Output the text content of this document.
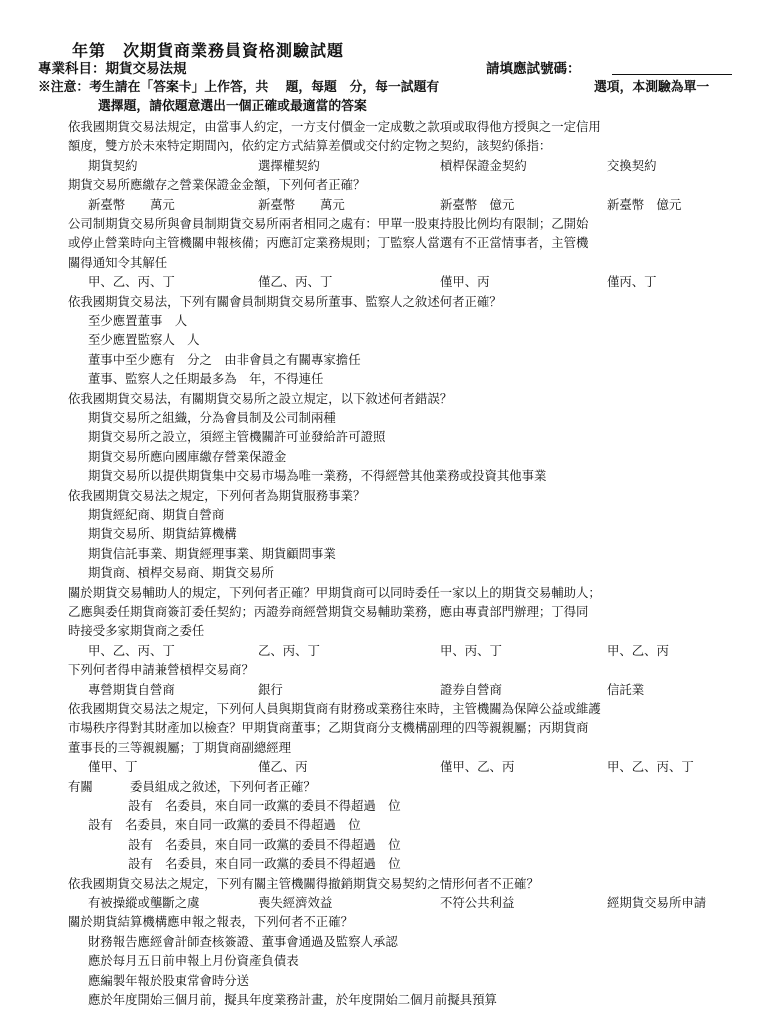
年第　次期貨商業務員資格測驗試題
專業科目：期貨交易法規	請填應試號碼：
※注意：考生請在「答案卡」上作答，共　 題，每題　分，每一試題有	選項，本測驗為單一
選擇題，請依題意選出一個正確或最適當的答案
依我國期貨交易法規定，由當事人約定，一方支付價金一定成數之款項或取得他方授與之一定信用
額度，雙方於未來特定期間內，依約定方式結算差價或交付約定物之契約，該契約係指：
期貨契約	選擇權契約	槓桿保證金契約	交換契約
期貨交易所應繳存之營業保證金金額，下列何者正確？
新臺幣　　萬元	新臺幣　　萬元	新臺幣　億元	新臺幣　億元
公司制期貨交易所與會員制期貨交易所兩者相同之處有：甲單一股東持股比例均有限制；乙開始
或停止營業時向主管機關申報核備；丙應訂定業務規則；丁監察人當選有不正當情事者，主管機
關得通知令其解任
甲、乙、丙、丁	僅乙、丙、丁	僅甲、丙	僅丙、丁
依我國期貨交易法，下列有關會員制期貨交易所董事、監察人之敘述何者正確？
至少應置董事　人
至少應置監察人　人
董事中至少應有　分之　由非會員之有關專家擔任
董事、監察人之任期最多為　年，不得連任
依我國期貨交易法，有關期貨交易所之設立規定，以下敘述何者錯誤？
期貨交易所之組織，分為會員制及公司制兩種
期貨交易所之設立，須經主管機關許可並發給許可證照
期貨交易所應向國庫繳存營業保證金
期貨交易所以提供期貨集中交易市場為唯一業務，不得經營其他業務或投資其他事業
依我國期貨交易法之規定，下列何者為期貨服務事業？
期貨經紀商、期貨自營商
期貨交易所、期貨結算機構
期貨信託事業、期貨經理事業、期貨顧問事業
期貨商、槓桿交易商、期貨交易所
關於期貨交易輔助人的規定，下列何者正確？甲期貨商可以同時委任一家以上的期貨交易輔助人；
乙應與委任期貨商簽訂委任契約；丙證券商經營期貨交易輔助業務，應由專責部門辦理；丁得同
時接受多家期貨商之委任
甲、乙、丙、丁	乙、丙、丁	甲、丙、丁	甲、乙、丙
下列何者得申請兼營槓桿交易商？
專營期貨自營商	銀行	證券自營商	信託業
依我國期貨交易法之規定，下列何人員與期貨商有財務或業務往來時，主管機關為保障公益或維護
市場秩序得對其財產加以檢查？甲期貨商董事；乙期貨商分支機構副理的四等親親屬；丙期貨商
董事長的三等親親屬；丁期貨商副總經理
僅甲、丁	僅乙、丙	僅甲、乙、丙	甲、乙、丙、丁
有關　　　委員組成之敘述，下列何者正確？
設有　名委員，來自同一政黨的委員不得超過　位
設有　名委員，來自同一政黨的委員不得超過　位
設有　名委員，來自同一政黨的委員不得超過　位
設有　名委員，來自同一政黨的委員不得超過　位
依我國期貨交易法之規定，下列有關主管機關得撤銷期貨交易契約之情形何者不正確？
有被操縱或壟斷之虞	喪失經濟效益	不符公共利益	經期貨交易所申請
關於期貨結算機構應申報之報表，下列何者不正確？
財務報告應經會計師查核簽證、董事會通過及監察人承認
應於每月五日前申報上月份資產負債表
應編製年報於股東常會時分送
應於年度開始三個月前，擬具年度業務計畫，於年度開始二個月前擬具預算
